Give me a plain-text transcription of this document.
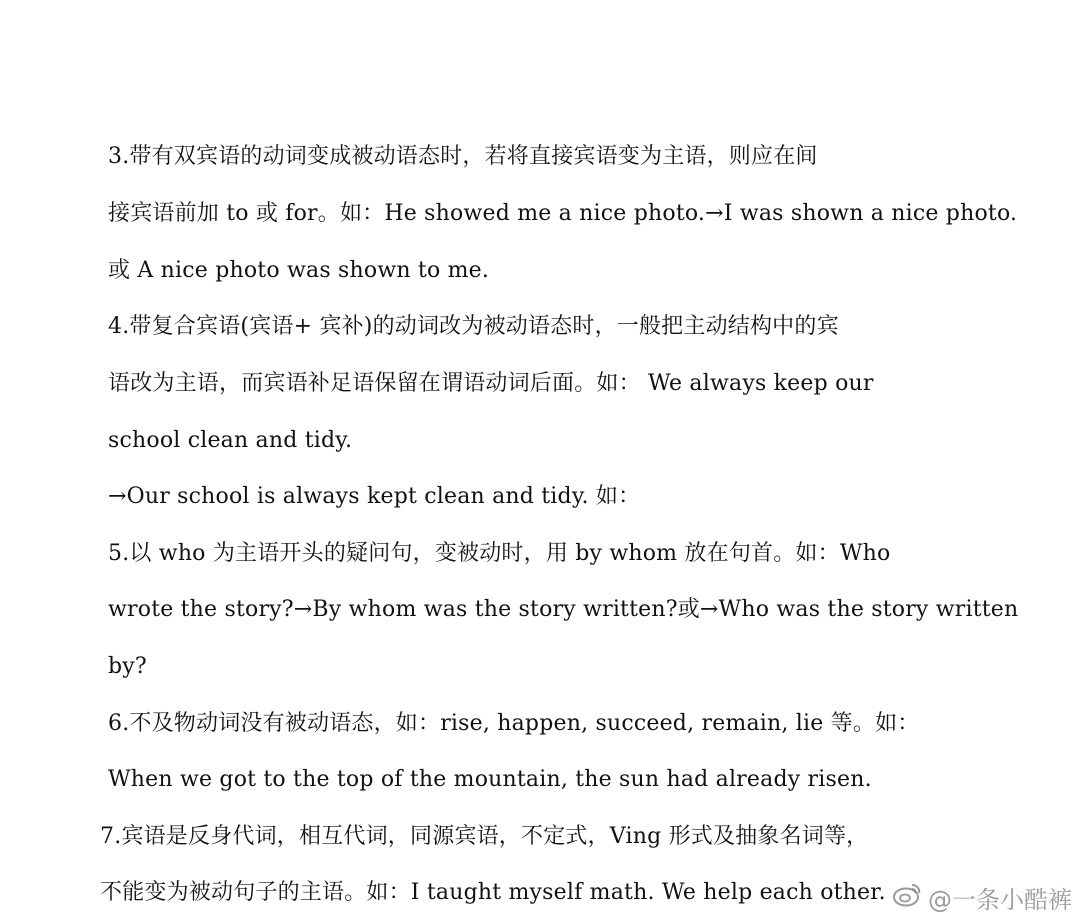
3.带有双宾语的动词变成被动语态时，若将直接宾语变为主语，则应在间
接宾语前加 to 或 for。如：He showed me a nice photo.→I was shown a nice photo.
或 A nice photo was shown to me.
4.带复合宾语(宾语+ 宾补)的动词改为被动语态时，一般把主动结构中的宾
语改为主语，而宾语补足语保留在谓语动词后面。如： We always keep our
school clean and tidy.
→Our school is always kept clean and tidy. 如：
5.以 who 为主语开头的疑问句，变被动时，用 by whom 放在句首。如：Who
wrote the story?→By whom was the story written?或→Who was the story written
by?
6.不及物动词没有被动语态，如：rise, happen, succeed, remain, lie 等。如：
When we got to the top of the mountain, the sun had already risen.
7.宾语是反身代词，相互代词，同源宾语，不定式，Ving 形式及抽象名词等，
不能变为被动句子的主语。如：I taught myself math. We help each other. @一条小酷裤
